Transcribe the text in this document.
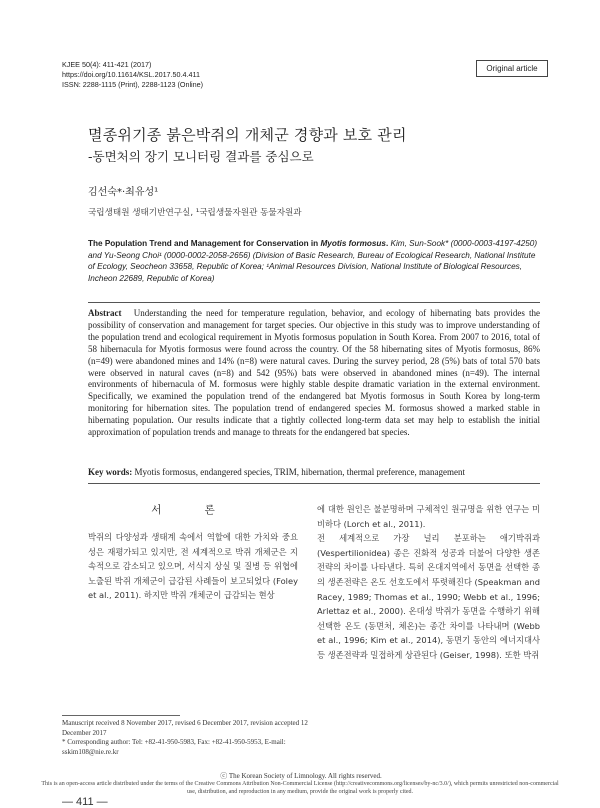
KJEE 50(4): 411-421 (2017)
https://doi.org/10.11614/KSL.2017.50.4.411
ISSN: 2288-1115 (Print), 2288-1123 (Online)
Original article
멸종위기종 붉은박쥐의 개체군 경향과 보호 관리
-동면처의 장기 모니터링 결과를 중심으로
김선숙*·최유성¹
국립생태원 생태기반연구실, ¹국립생물자원관 동물자원과
The Population Trend and Management for Conservation in Myotis formosus. Kim, Sun-Sook* (0000-0003-4197-4250) and Yu-Seong Choi¹ (0000-0002-2058-2656) (Division of Basic Research, Bureau of Ecological Research, National Institute of Ecology, Seocheon 33658, Republic of Korea; ¹Animal Resources Division, National Institute of Biological Resources, Incheon 22689, Republic of Korea)
Abstract Understanding the need for temperature regulation, behavior, and ecology of hibernating bats provides the possibility of conservation and management for target species. Our objective in this study was to improve understanding of the population trend and ecological requirement in Myotis formosus population in South Korea. From 2007 to 2016, total of 58 hibernacula for Myotis formosus were found across the country. Of the 58 hibernating sites of Myotis formosus, 86% (n=49) were abandoned mines and 14% (n=8) were natural caves. During the survey period, 28 (5%) bats of total 570 bats were observed in natural caves (n=8) and 542 (95%) bats were observed in abandoned mines (n=49). The internal environments of hibernacula of M. formosus were highly stable despite dramatic variation in the external environment. Specifically, we examined the population trend of the endangered bat Myotis formosus in South Korea by long-term monitoring for hibernation sites. The population trend of endangered species M. formosus showed a marked stable in hibernating population. Our results indicate that a tightly collected long-term data set may help to establish the initial approximation of population trends and manage to threats for the endangered bat species.
Key words: Myotis formosus, endangered species, TRIM, hibernation, thermal preference, management
서 론
박쥐의 다양성과 생태계 속에서 역할에 대한 가치와 중요성은 재평가되고 있지만, 전 세계적으로 박쥐 개체군은 지속적으로 감소되고 있으며, 서식지 상실 및 질병 등 위협에 노출된 박쥐 개체군이 급감된 사례들이 보고되었다 (Foley et al., 2011). 하지만 박쥐 개체군이 급감되는 현상
에 대한 원인은 불분명하며 구체적인 원규명을 위한 연구는 미비하다 (Lorch et al., 2011).
전 세계적으로 가장 널리 분포하는 애기박쥐과 (Vespertilionidea) 종은 진화적 성공과 더불어 다양한 생존전략의 차이를 나타낸다. 특히 온대지역에서 동면을 선택한 종의 생존전략은 온도 선호도에서 뚜렷해진다 (Speakman and Racey, 1989; Thomas et al., 1990; Webb et al., 1996; Arlettaz et al., 2000). 온대성 박쥐가 동면을 수행하기 위해 선택한 온도 (동면처, 체온)는 종간 차이를 나타내며 (Webb et al., 1996; Kim et al., 2014), 동면기 동안의 에너지대사 등 생존전략과 밀접하게 상관된다 (Geiser, 1998). 또한 박쥐
Manuscript received 8 November 2017, revised 6 December 2017, revision accepted 12 December 2017
* Corresponding author: Tel: +82-41-950-5983, Fax: +82-41-950-5953, E-mail: sskim108@nie.re.kr
ⓒ The Korean Society of Limnology. All rights reserved.
This is an open-access article distributed under the terms of the Creative Commons Attribution Non-Commercial License (http://creativecommons.org/licenses/by-nc/3.0/), which permits unrestricted non-commercial use, distribution, and reproduction in any medium, provide the original work is properly cited.
— 411 —
